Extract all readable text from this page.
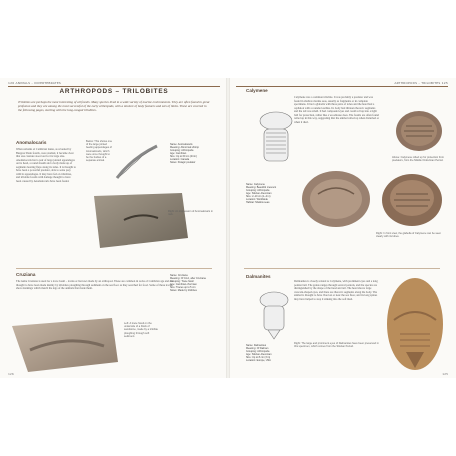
126 ANIMALS – INVERTEBRATES
ARTHROPODS – TRILOBITES
Trilobites are perhaps the most interesting of all fossils. Many species lived in a wide variety of marine environments. They are often found in great profusion and they are among the most successful of the early arthropods, with a mixture of body features and sets of limbs. These are covered in the following pages, starting with the long-ranged trilobites.
Anomalocaris
When remains of Cambrian fauna, as revealed by Burgess Shale fossils, were studied, it became clear that one creature stood out for its large size. Anomalocaris had a pair of large jointed appendages on its head, a round mouth and a body made up of segments bearing flaps along its sides. It is thought to have been a powerful predator, able to seize prey with its appendages. It may have fed on trilobites, and trilobite fossils with damage thought to have been caused by Anomalocaris have been found.
Below: This shows one of the large jointed feeding appendages of Anomalocaris, which were once thought to be the bodies of a separate animal.
Name: Anomalocaris
Meaning: Abnormal shrimp
Grouping: Arthropoda
Age: Cambrian
Size: Up to 60 cm (24 in)
Location: Canada
Notes: Pelagic predator
Right: An impression of Anomalocaris in rock.
Cruziana
The name Cruziana is used for a trace fossil – tracks or burrows made by an arthropod. These are common in rocks of Cambrian age and are thought to have been made mainly by trilobites ploughing through sediment on the sea floor as they searched for food. Some of these traces show markings which match the legs of the animals that made them.
Name: Cruziana
Meaning: Of Cruz, after Cruziana
Grouping: Trace fossil
Age: Cambrian–Permian
Size: Traces up to 5 cm
Notes: Made by trilobites
Left: A trace fossil on the underside of a block of sandstone, made by a trilobite ploughing through soft sediment.
126
ARTHROPODS – TRILOBITES 125
Calymene
Name: Calymene
Meaning: Beautiful crescent
Grouping: Arthropoda
Age: Silurian–Devonian
Size: 2–10 cm (1–4 in)
Location: Worldwide
Habitat: Shallow seas
Calymene was a common trilobite. It was probably a predator and was found in shallow marine seas, usually as fragments or in complete specimens. It had a glabella with three pairs of lobes and the head had a cephalon with a rounded outline. Its body had thirteen thoracic segments and the tail was small. It had compound eyes and could roll up into a tight ball for protection, rather like a woodlouse does. The fossils are often found rolled up in this way, suggesting that the animal rolled up when disturbed or when it died.
Above: Calymene rolled up for protection from predators, from the Middle Ordovician Period.
Right: In front view, the glabella of Calymene can be seen clearly with its lobes.
Dalmanites
Name: Dalmanites
Meaning: Of Dalman
Grouping: Arthropoda
Age: Silurian–Devonian
Size: Up to 8 cm (3 in)
Location: Europe, USA
Dalmanites is closely related to Calymene, with prominent eyes and a long pointed tail. The genus ranges through several periods, and the species are distinguished by the shape of the head and tail. The head shows large crescent-shaped eyes, and there are thoracic segments along the body. The animal is thought to have lived on or near the sea floor, and its long spines may have helped to stop it sinking into the soft mud.
Right: The large and prominent eyes of Dalmanites have been preserved in this specimen, which comes from the Silurian Period.
125
